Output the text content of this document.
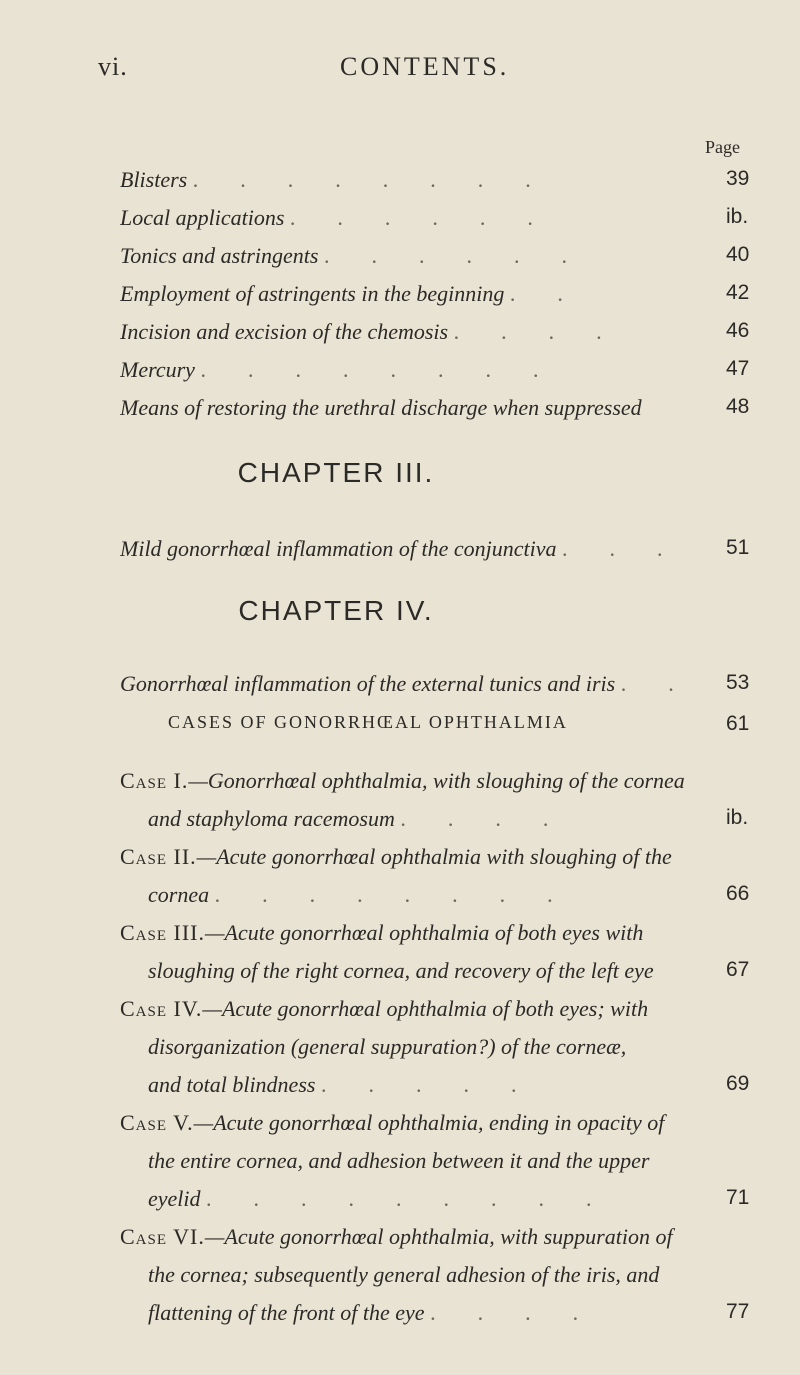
vi.	CONTENTS.
Page
Blisters ........	39
Local applications ......	ib.
Tonics and astringents ......	40
Employment of astringents in the beginning ..	42
Incision and excision of the chemosis ....	46
Mercury ........	47
Means of restoring the urethral discharge when suppressed	48
CHAPTER III.
Mild gonorrhœal inflammation of the conjunctiva ...	51
CHAPTER IV.
Gonorrhœal inflammation of the external tunics and iris .. 53
CASES OF GONORRHŒAL OPHTHALMIA	61
Case I.—Gonorrhœal ophthalmia, with sloughing of the cornea
and staphyloma racemosum ....	ib.
Case II.—Acute gonorrhœal ophthalmia with sloughing of the
cornea ........	66
Case III.—Acute gonorrhœal ophthalmia of both eyes with
sloughing of the right cornea, and recovery of the left eye	67
Case IV.—Acute gonorrhœal ophthalmia of both eyes; with
disorganization (general suppuration?) of the corneæ,
and total blindness .....	69
Case V.—Acute gonorrhœal ophthalmia, ending in opacity of
the entire cornea, and adhesion between it and the upper
eyelid .........	71
Case VI.—Acute gonorrhœal ophthalmia, with suppuration of
the cornea; subsequently general adhesion of the iris, and
flattening of the front of the eye ....	77
